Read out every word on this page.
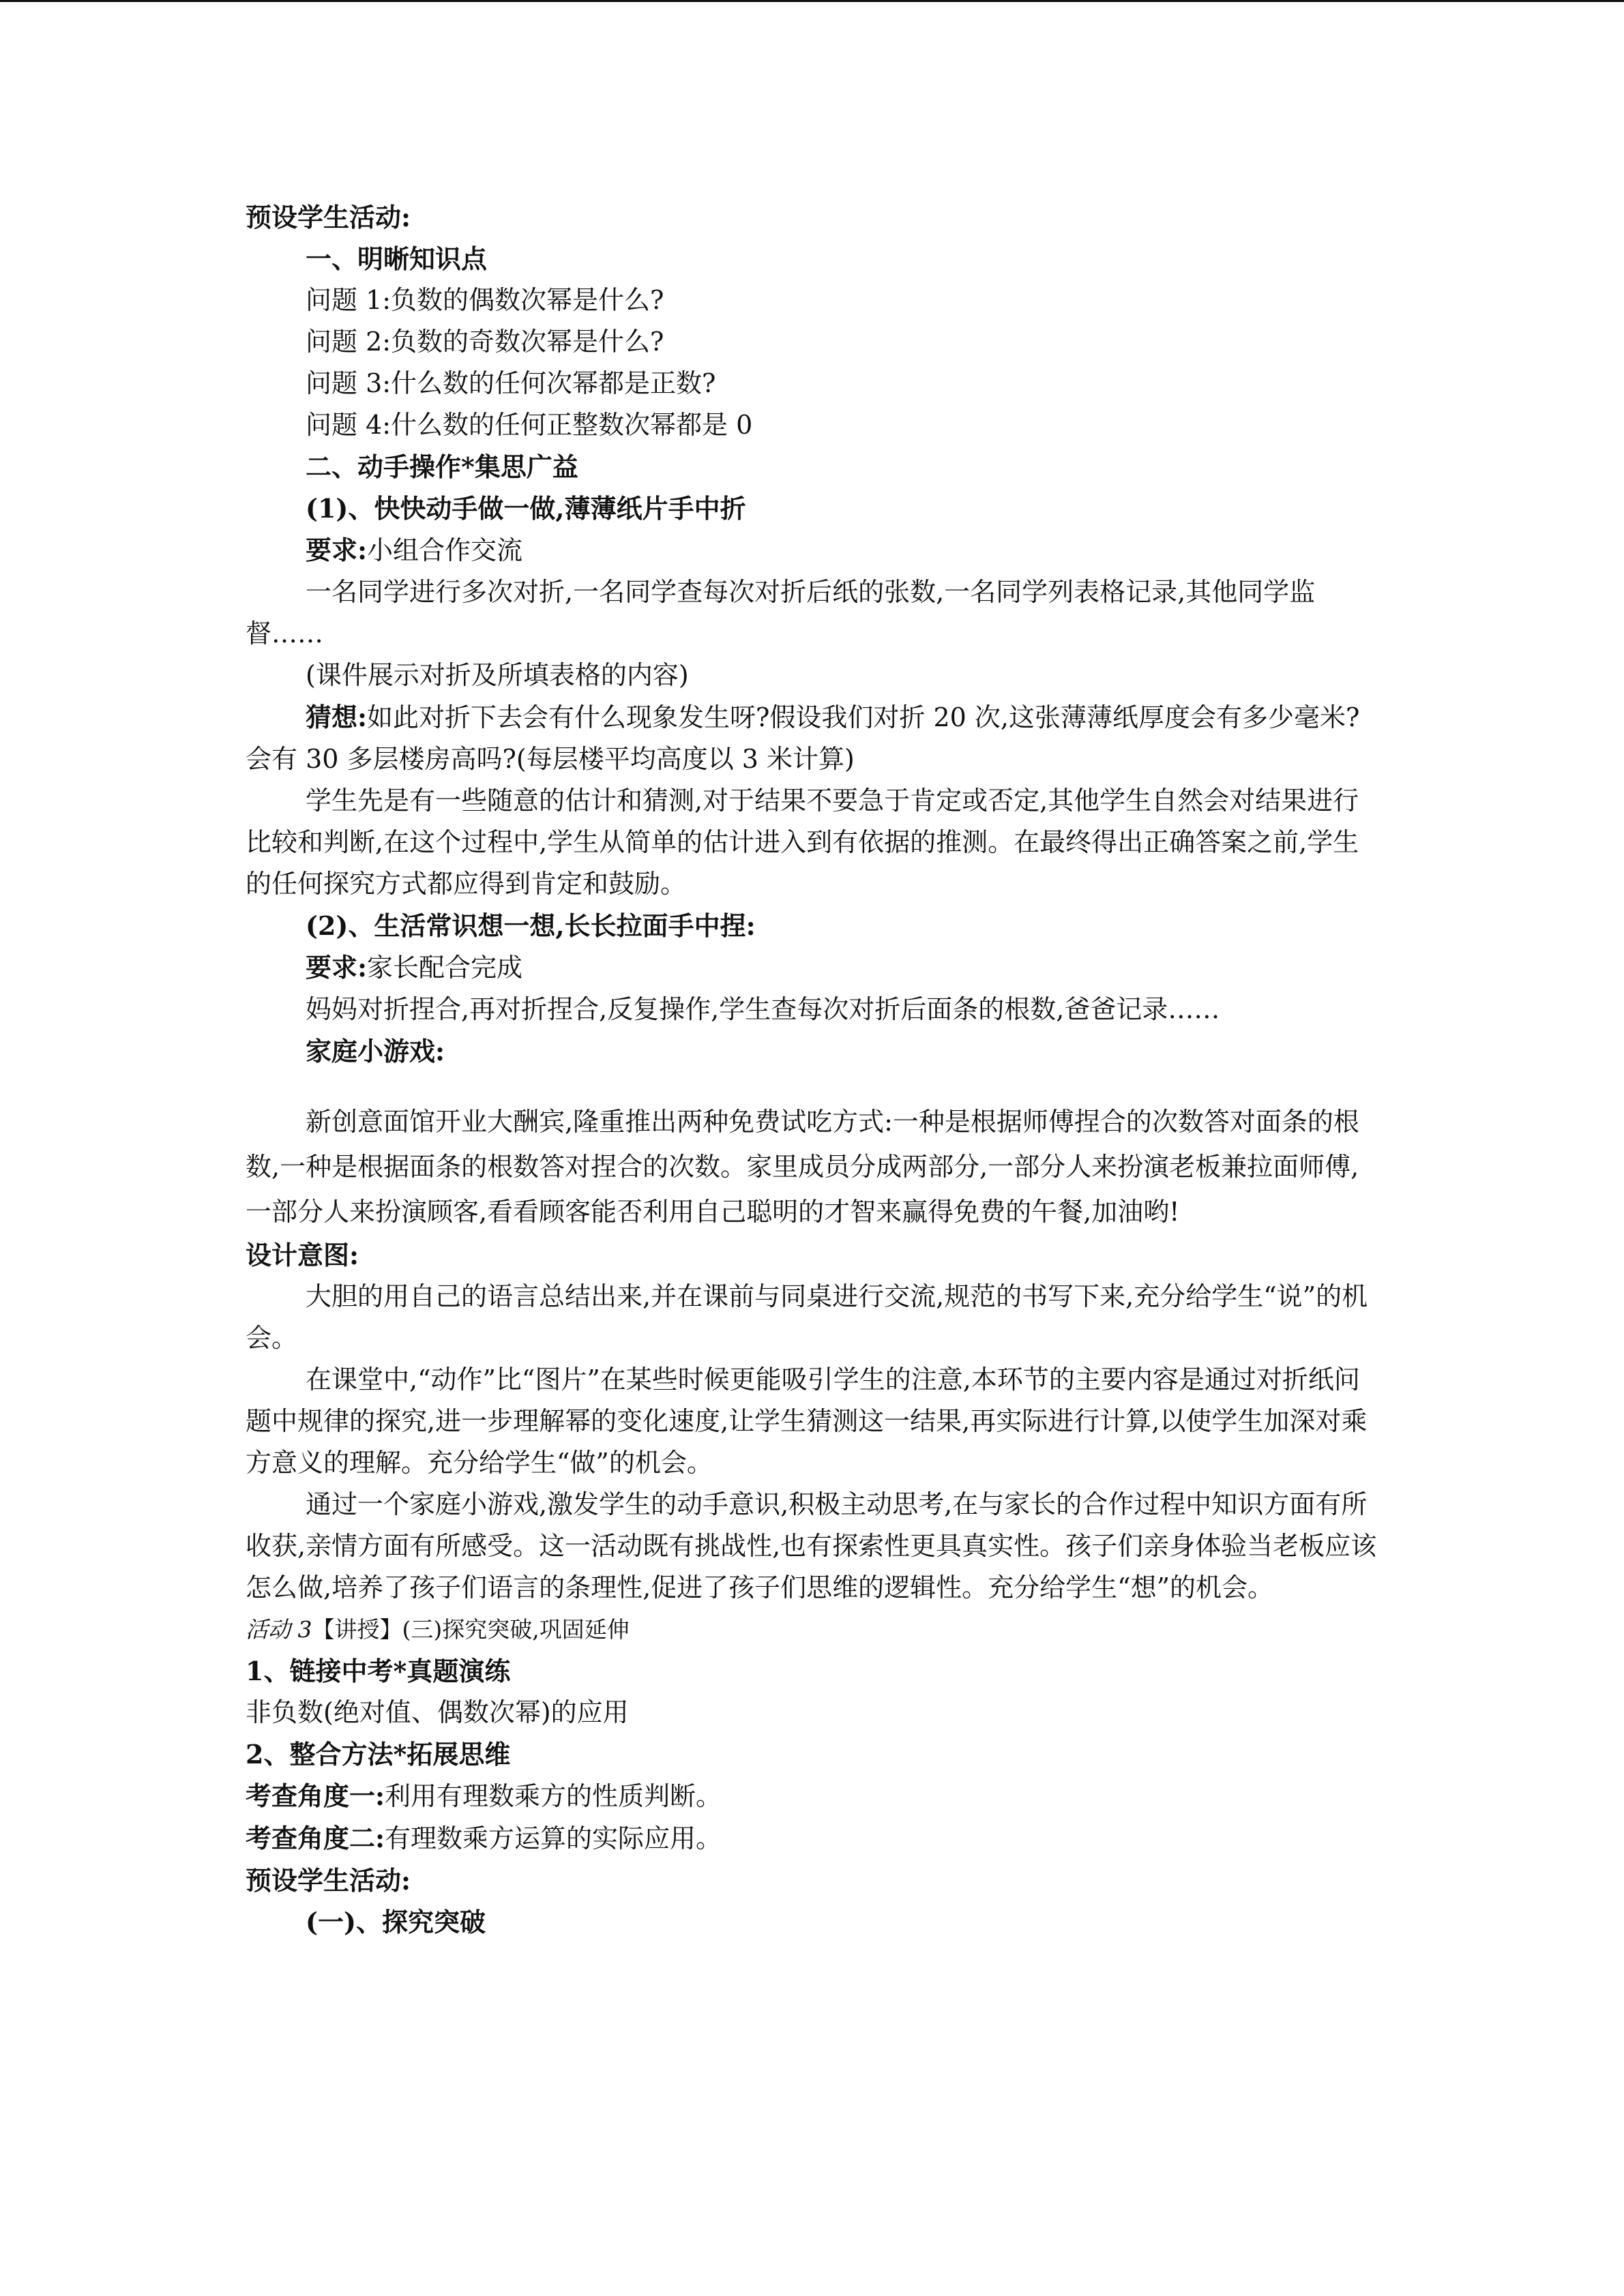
预设学生活动:

一、明晰知识点

问题 1:负数的偶数次幂是什么?

问题 2:负数的奇数次幂是什么?

问题 3:什么数的任何次幂都是正数?

问题 4:什么数的任何正整数次幂都是 0

二、动手操作*集思广益

(1)、快快动手做一做,薄薄纸片手中折

要求:小组合作交流

一名同学进行多次对折,一名同学查每次对折后纸的张数,一名同学列表格记录,其他同学监督……

(课件展示对折及所填表格的内容)

猜想:如此对折下去会有什么现象发生呀?假设我们对折 20 次,这张薄薄纸厚度会有多少毫米?会有 30 多层楼房高吗?(每层楼平均高度以 3 米计算)

学生先是有一些随意的估计和猜测,对于结果不要急于肯定或否定,其他学生自然会对结果进行比较和判断,在这个过程中,学生从简单的估计进入到有依据的推测。在最终得出正确答案之前,学生的任何探究方式都应得到肯定和鼓励。

(2)、生活常识想一想,长长拉面手中捏:

要求:家长配合完成

妈妈对折捏合,再对折捏合,反复操作,学生查每次对折后面条的根数,爸爸记录……

家庭小游戏:

新创意面馆开业大酬宾,隆重推出两种免费试吃方式:一种是根据师傅捏合的次数答对面条的根数,一种是根据面条的根数答对捏合的次数。家里成员分成两部分,一部分人来扮演老板兼拉面师傅,一部分人来扮演顾客,看看顾客能否利用自己聪明的才智来赢得免费的午餐,加油哟!

设计意图:

大胆的用自己的语言总结出来,并在课前与同桌进行交流,规范的书写下来,充分给学生“说”的机会。

在课堂中,“动作”比“图片”在某些时候更能吸引学生的注意,本环节的主要内容是通过对折纸问题中规律的探究,进一步理解幂的变化速度,让学生猜测这一结果,再实际进行计算,以使学生加深对乘方意义的理解。充分给学生“做”的机会。

通过一个家庭小游戏,激发学生的动手意识,积极主动思考,在与家长的合作过程中知识方面有所收获,亲情方面有所感受。这一活动既有挑战性,也有探索性更具真实性。孩子们亲身体验当老板应该怎么做,培养了孩子们语言的条理性,促进了孩子们思维的逻辑性。充分给学生“想”的机会。

活动 3【讲授】(三)探究突破,巩固延伸

1、链接中考*真题演练

非负数(绝对值、偶数次幂)的应用

2、整合方法*拓展思维

考查角度一:利用有理数乘方的性质判断。

考查角度二:有理数乘方运算的实际应用。

预设学生活动:

(一)、探究突破
